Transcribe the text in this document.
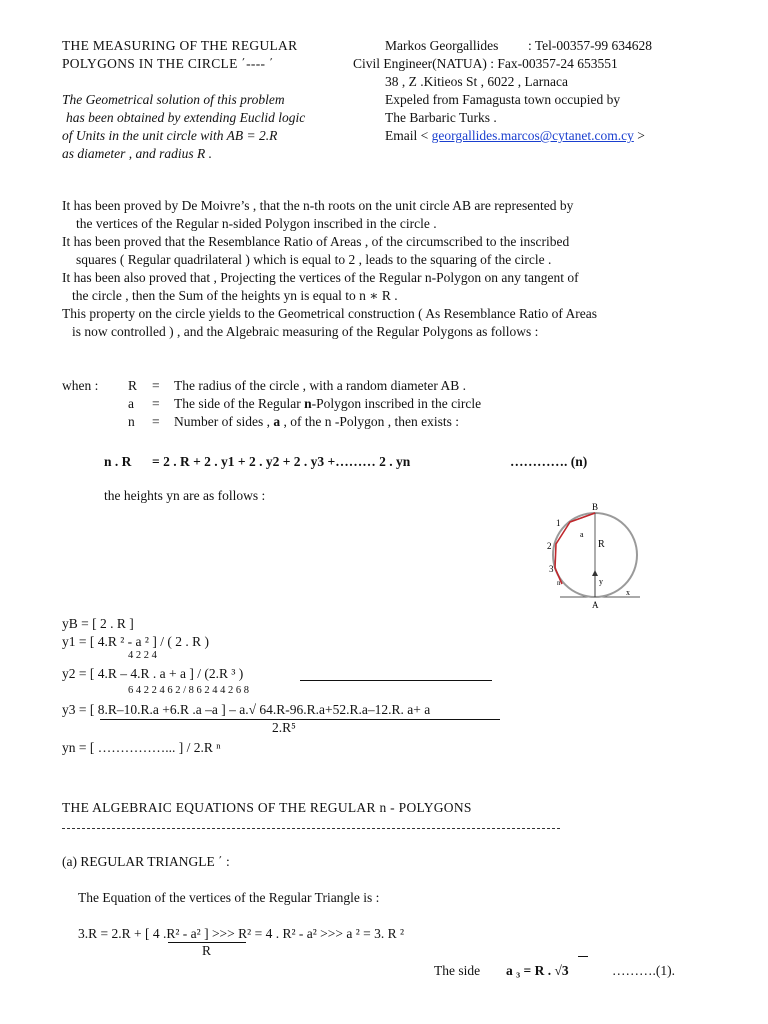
THE MEASURING OF THE REGULAR
POLYGONS IN THE CIRCLE ΄---- ΄
Markos Georgallides : Tel-00357-99 634628
Civil Engineer(NATUA) : Fax-00357-24 653551
38 , Z .Kitieos St , 6022 , Larnaca
Expeled from Famagusta town occupied by
The Barbaric Turks .
Email < georgallides.marcos@cytanet.com.cy >
The Geometrical solution of this problem
has been obtained by extending Euclid logic
of Units in the unit circle with AB = 2.R
as diameter , and radius R .
It has been proved by De Moivre’s , that the n-th roots on the unit circle AB are represented by
the vertices of the Regular n-sided Polygon inscribed in the circle .
It has been proved that the Resemblance Ratio of Areas , of the circumscribed to the inscribed
squares ( Regular quadrilateral ) which is equal to 2 , leads to the squaring of the circle .
It has been also proved that , Projecting the vertices of the Regular n-Polygon on any tangent of
the circle , then the Sum of the heights yn is equal to n ∗ R .
This property on the circle yields to the Geometrical construction ( As Resemblance Ratio of Areas
is now controlled ) , and the Algebraic measuring of the Regular Polygons as follows :
when : R = The radius of the circle , with a random diameter AB .
a = The side of the Regular n-Polygon inscribed in the circle
n = Number of sides , a , of the n -Polygon , then exists :
n . R = 2 . R + 2 . y1 + 2 . y2 + 2 . y3 +……… 2 . yn	…………. (n)
the heights yn are as follows :
B
A
R
a
y
x
n
1
2
3
yB = [ 2 . R ]
4 2 2 4
y1 = [ 4.R ² - a ² ] / ( 2 . R )
y2 = [ 4.R – 4.R . a + a ] / (2.R ³ )
6 4 2 2 4 6 2 / 8 6 2 4 4 2 6 8
y3 = [ 8.R–10.R.a +6.R .a –a ] – a.√ 64.R-96.R.a+52.R.a–12.R. a+ a
2.R⁵
yn = [ ……………... ] / 2.R ⁿ
THE ALGEBRAIC EQUATIONS OF THE REGULAR n - POLYGONS
(a) REGULAR TRIANGLE ΄ :
The Equation of the vertices of the Regular Triangle is :
3.R = 2.R + [ 4 .R² - a² ] >>> R² = 4 . R² - a² >>> a ² = 3. R ²
R
The side a ₃ = R . √3	……….(1).
